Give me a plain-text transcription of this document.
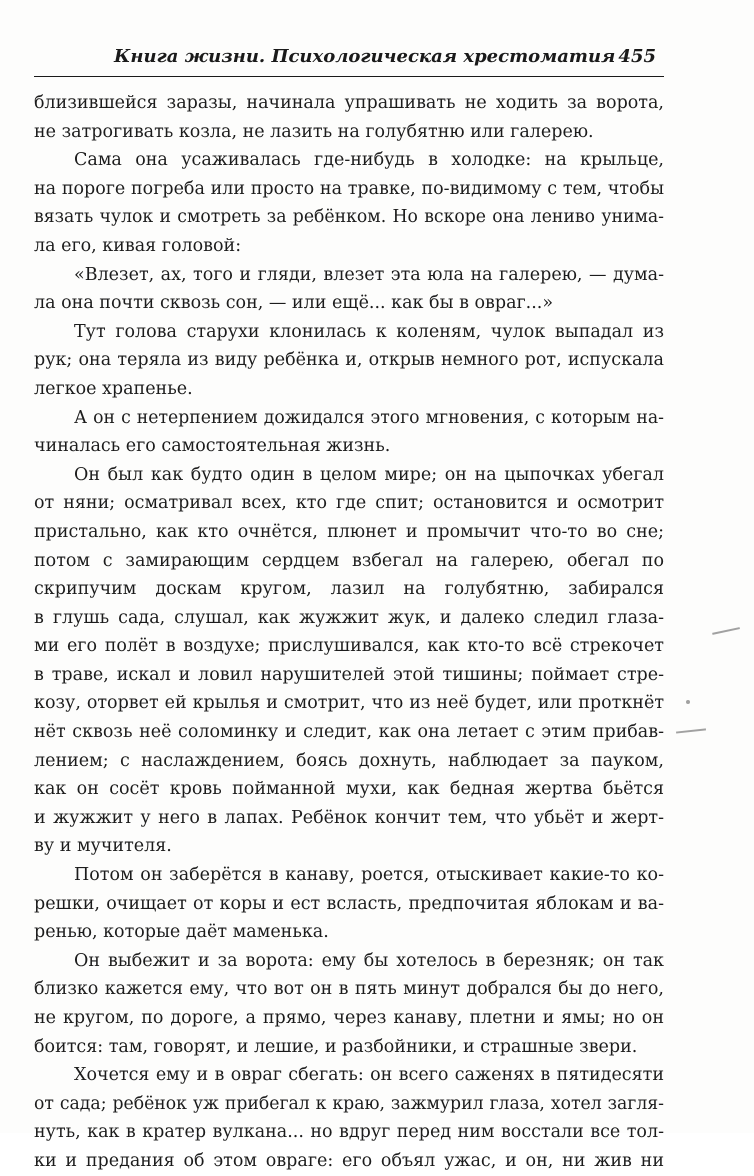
Книга жизни. Психологическая хрестоматия 455
близившейся заразы, начинала упрашивать не ходить за ворота,
не затрогивать козла, не лазить на голубятню или галерею.
Сама она усаживалась где-нибудь в холодке: на крыльце,
на пороге погреба или просто на травке, по-видимому с тем, чтобы
вязать чулок и смотреть за ребёнком. Но вскоре она лениво унима-
ла его, кивая головой:
«Влезет, ах, того и гляди, влезет эта юла на галерею, — дума-
ла она почти сквозь сон, — или ещё... как бы в овраг...»
Тут голова старухи клонилась к коленям, чулок выпадал из
рук; она теряла из виду ребёнка и, открыв немного рот, испускала
легкое храпенье.
А он с нетерпением дожидался этого мгновения, с которым на-
чиналась его самостоятельная жизнь.
Он был как будто один в целом мире; он на цыпочках убегал
от няни; осматривал всех, кто где спит; остановится и осмотрит
пристально, как кто очнётся, плюнет и промычит что-то во сне;
потом с замирающим сердцем взбегал на галерею, обегал по
скрипучим доскам кругом, лазил на голубятню, забирался
в глушь сада, слушал, как жужжит жук, и далеко следил глаза-
ми его полёт в воздухе; прислушивался, как кто-то всё стрекочет
в траве, искал и ловил нарушителей этой тишины; поймает стре-
козу, оторвет ей крылья и смотрит, что из неё будет, или проткнёт
нёт сквозь неё соломинку и следит, как она летает с этим прибав-
лением; с наслаждением, боясь дохнуть, наблюдает за пауком,
как он сосёт кровь пойманной мухи, как бедная жертва бьётся
и жужжит у него в лапах. Ребёнок кончит тем, что убьёт и жерт-
ву и мучителя.
Потом он заберётся в канаву, роется, отыскивает какие-то ко-
решки, очищает от коры и ест всласть, предпочитая яблокам и ва-
ренью, которые даёт маменька.
Он выбежит и за ворота: ему бы хотелось в березняк; он так
близко кажется ему, что вот он в пять минут добрался бы до него,
не кругом, по дороге, а прямо, через канаву, плетни и ямы; но он
боится: там, говорят, и лешие, и разбойники, и страшные звери.
Хочется ему и в овраг сбегать: он всего саженях в пятидесяти
от сада; ребёнок уж прибегал к краю, зажмурил глаза, хотел загля-
нуть, как в кратер вулкана... но вдруг перед ним восстали все тол-
ки и предания об этом овраге: его объял ужас, и он, ни жив ни
